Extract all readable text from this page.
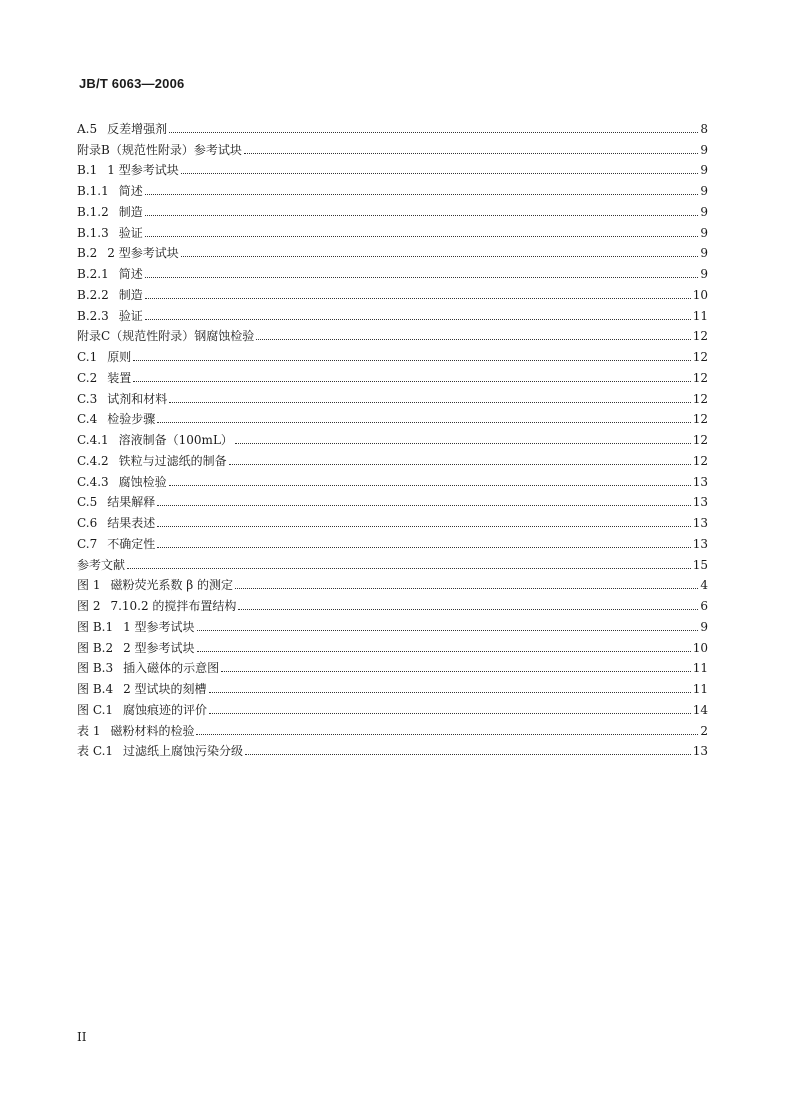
JB/T 6063—2006
A.5 反差增强剂	8
附录B （规范性附录）参考试块	9
B.1 1 型参考试块	9
B.1.1 简述	9
B.1.2 制造	9
B.1.3 验证	9
B.2 2 型参考试块	9
B.2.1 简述	9
B.2.2 制造	10
B.2.3 验证	11
附录C （规范性附录）钢腐蚀检验	12
C.1 原则	12
C.2 装置	12
C.3 试剂和材料	12
C.4 检验步骤	12
C.4.1 溶液制备（100mL）	12
C.4.2 铁粒与过滤纸的制备	12
C.4.3 腐蚀检验	13
C.5 结果解释	13
C.6 结果表述	13
C.7 不确定性	13
参考文献	15
图 1 磁粉荧光系数 β 的测定	4
图 2 7.10.2 的搅拌布置结构	6
图 B.1 1 型参考试块	9
图 B.2 2 型参考试块	10
图 B.3 插入磁体的示意图	11
图 B.4 2 型试块的刻槽	11
图 C.1 腐蚀痕迹的评价	14
表 1 磁粉材料的检验	2
表 C.1 过滤纸上腐蚀污染分级	13
II
